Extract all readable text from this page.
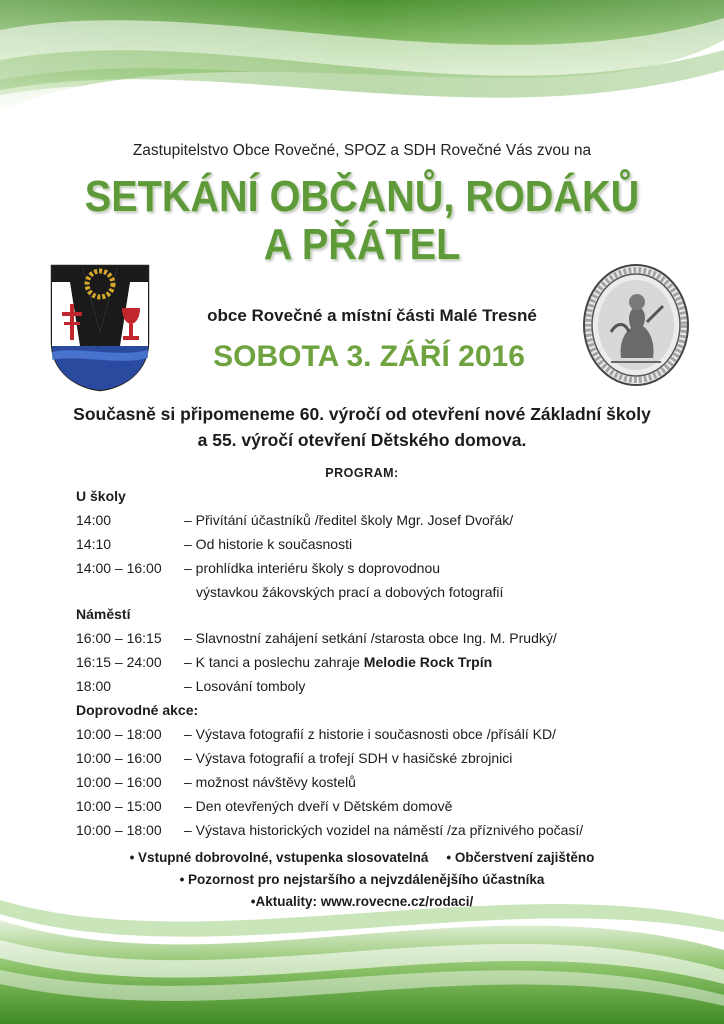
Zastupitelstvo Obce Rovečné, SPOZ a SDH Rovečné Vás zvou na
SETKÁNÍ OBČANŮ, RODÁKŮ
A PŘÁTEL
obce Rovečné a místní části Malé Tresné
SOBOTA 3. ZÁŘÍ 2016
Současně si připomeneme 60. výročí od otevření nové Základní školy
a 55. výročí otevření Dětského domova.
PROGRAM:
U školy
14:00	– Přivítání účastníků /ředitel školy Mgr. Josef Dvořák/
14:10	– Od historie k současnosti
14:00 – 16:00 – prohlídka interiéru školy s doprovodnou
výstavkou žákovských prací a dobových fotografií
Náměstí
16:00 – 16:15 – Slavnostní zahájení setkání /starosta obce Ing. M. Prudký/
16:15 – 24:00 – K tanci a poslechu zahraje Melodie Rock Trpín
18:00	– Losování tomboly
Doprovodné akce:
10:00 – 18:00 – Výstava fotografií z historie i současnosti obce /přísálí KD/
10:00 – 16:00 – Výstava fotografií a trofejí SDH v hasičské zbrojnici
10:00 – 16:00 – možnost návštěvy kostelů
10:00 – 15:00 – Den otevřených dveří v Dětském domově
10:00 – 18:00 – Výstava historických vozidel na náměstí /za příznivého počasí/
• Vstupné dobrovolné, vstupenka slosovatelná • Občerstvení zajištěno
• Pozornost pro nejstaršího a nejvzdálenějšího účastníka
•Aktuality: www.rovecne.cz/rodaci/
